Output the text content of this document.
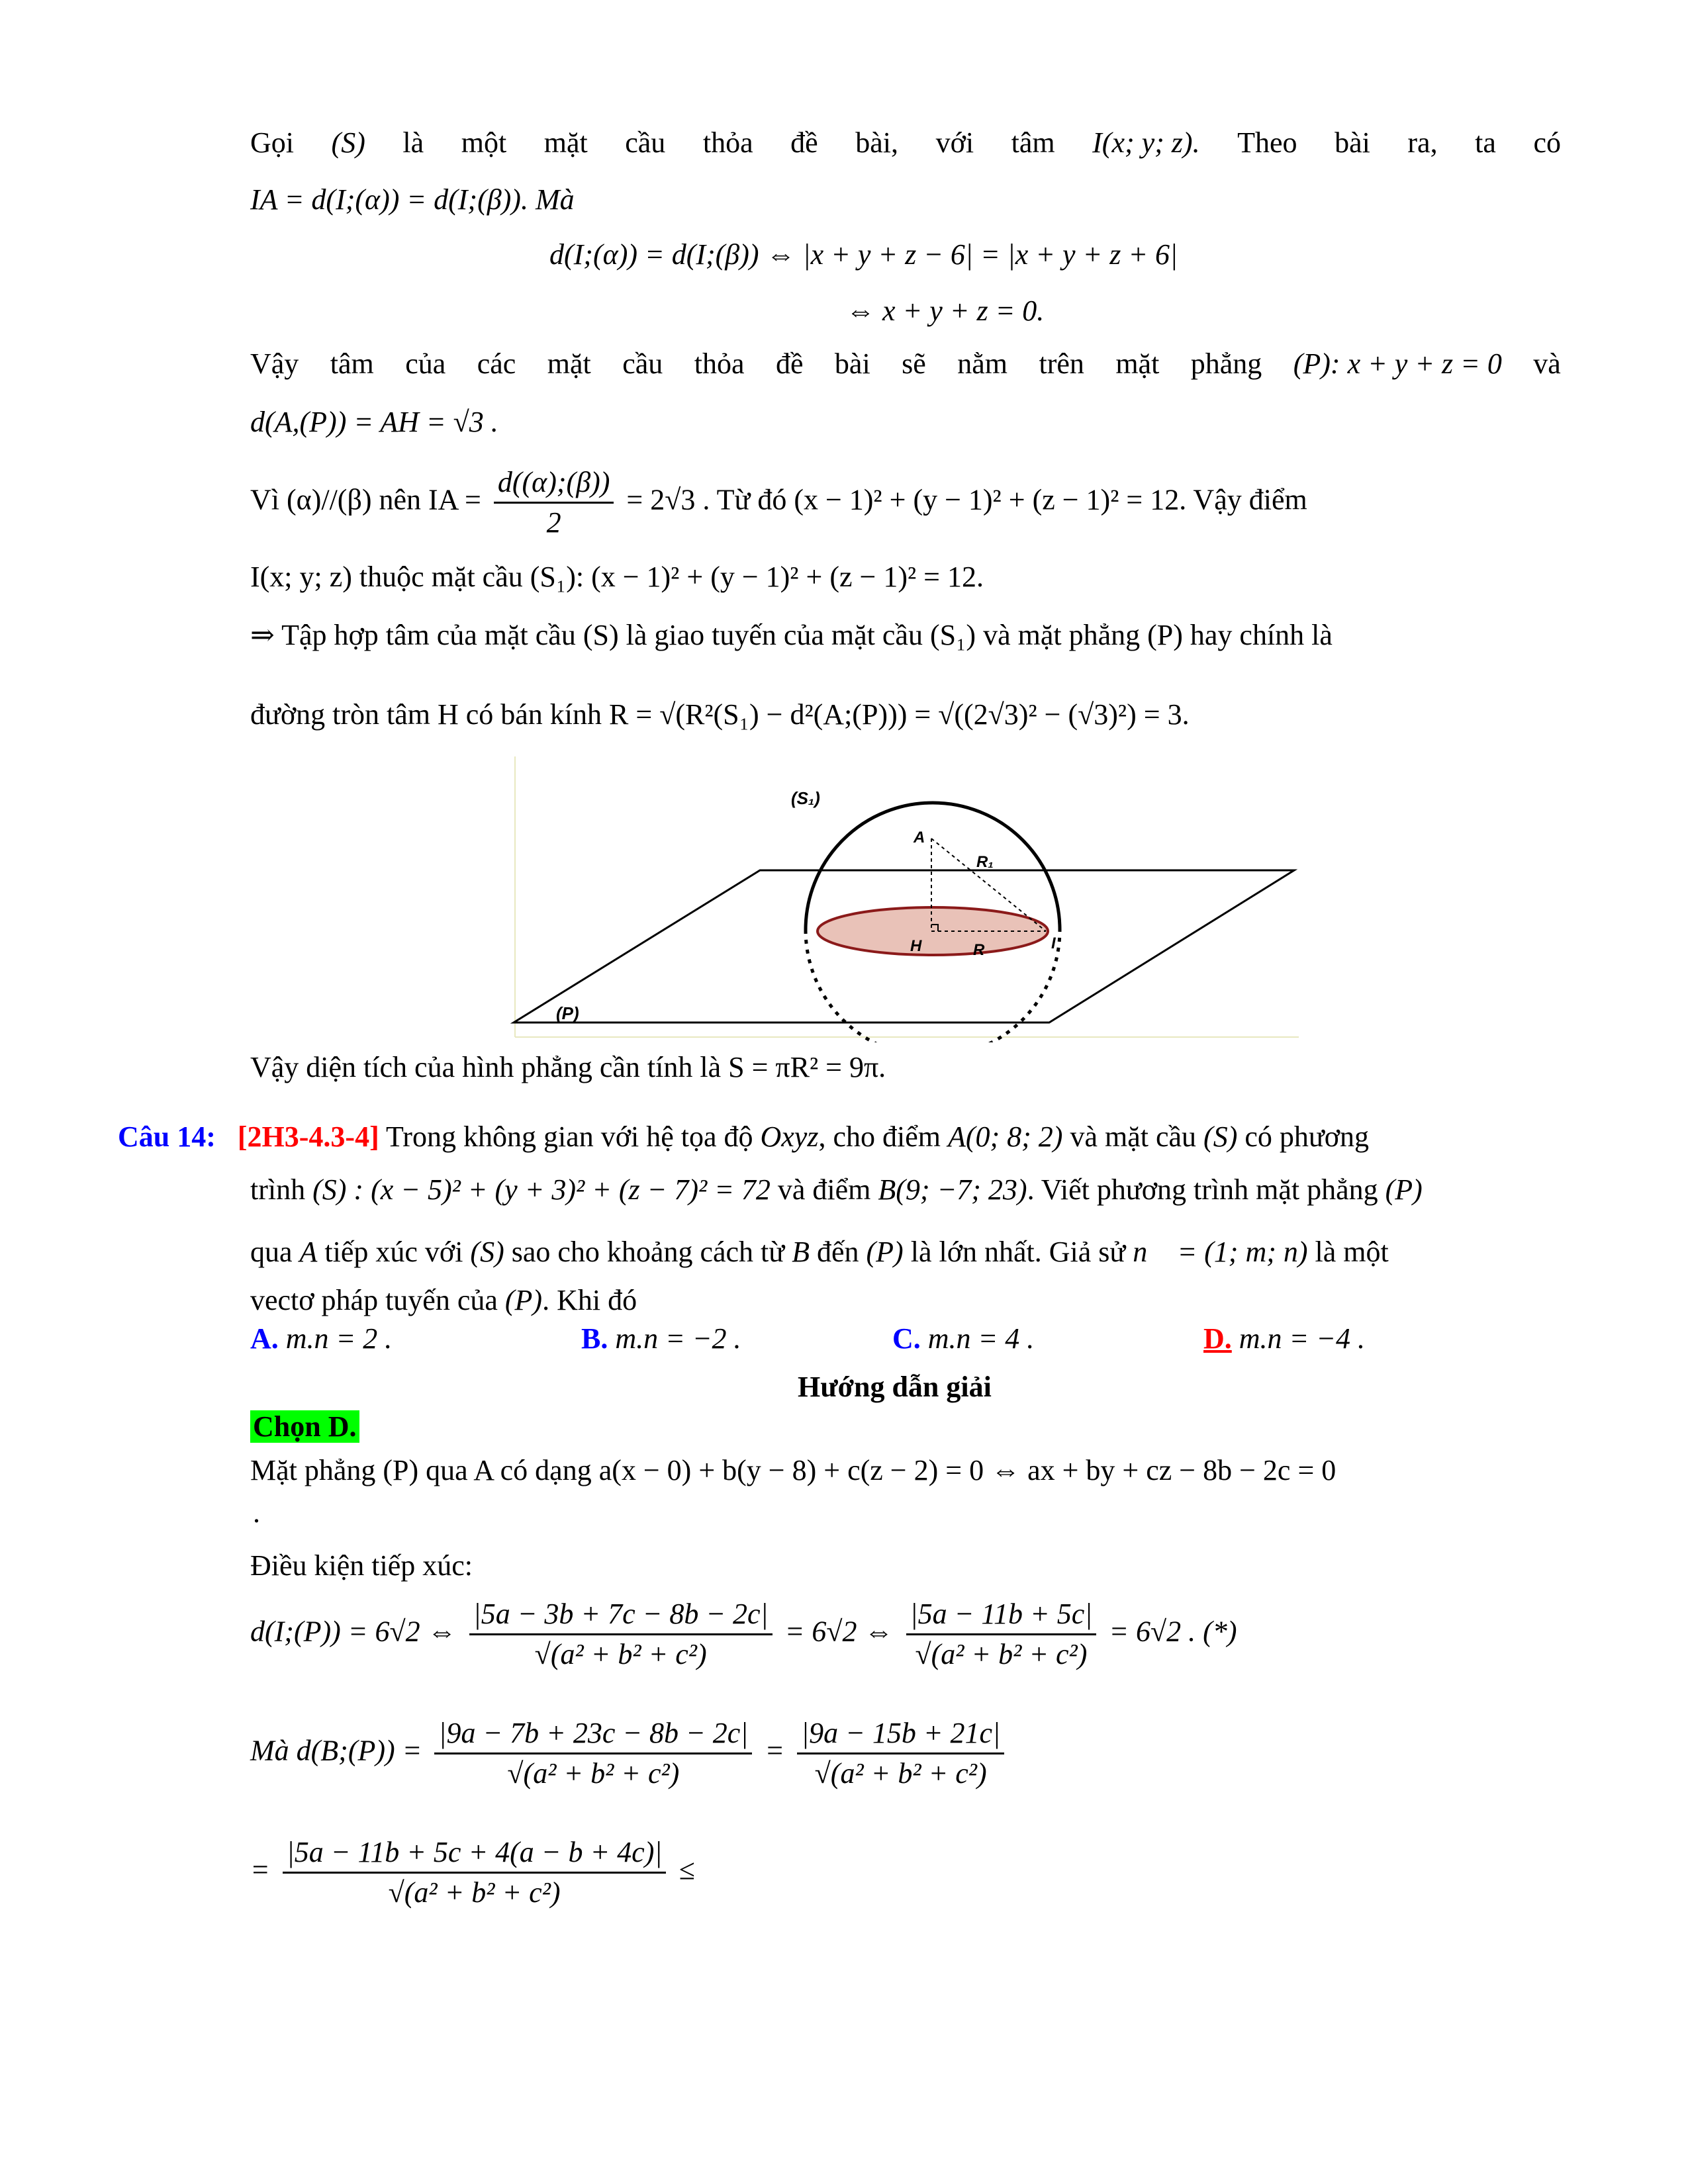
Gọi (S) là một mặt cầu thỏa đề bài, với tâm I(x; y; z). Theo bài ra, ta có
IA = d(I;(α)) = d(I;(β)). Mà
d(I;(α)) = d(I;(β)) ⇔ |x + y + z − 6| = |x + y + z + 6|
⇔ x + y + z = 0.
Vậy tâm của các mặt cầu thỏa đề bài sẽ nằm trên mặt phẳng (P): x + y + z = 0 và
d(A,(P)) = AH = √3 .
Vì (α)//(β) nên IA = $\frac{d((\alpha);(\beta))}{2} = 2√3$ . Từ đó (x − 1)² + (y − 1)² + (z − 1)² = 12. Vậy điểm
I(x; y; z) thuộc mặt cầu (S₁): (x − 1)² + (y − 1)² + (z − 1)² = 12.
⇒ Tập hợp tâm của mặt cầu (S) là giao tuyến của mặt cầu (S₁) và mặt phẳng (P) hay chính là
đường tròn tâm H có bán kính R = √(R²(S₁) − d²(A;(P))) = √((2√3)² − (√3)²) = 3.
(S₁)
(P)
A
R₁
H	R	I
Vậy diện tích của hình phẳng cần tính là S = πR² = 9π.
Câu 14: [2H3-4.3-4] Trong không gian với hệ tọa độ Oxyz, cho điểm A(0; 8; 2) và mặt cầu (S) có phương
trình (S) : (x − 5)² + (y + 3)² + (z − 7)² = 72 và điểm B(9; −7; 23). Viết phương trình mặt phẳng (P)
qua A tiếp xúc với (S) sao cho khoảng cách từ B đến (P) là lớn nhất. Giả sử n⃗ = (1; m; n) là một
vectơ pháp tuyến của (P). Khi đó
A. m.n = 2 .	B. m.n = −2 .	C. m.n = 4 .	D. m.n = −4 .
Hướng dẫn giải
Chọn D.
Mặt phẳng (P) qua A có dạng a(x − 0) + b(y − 8) + c(z − 2) = 0 ⇔ ax + by + cz − 8b − 2c = 0
.
Điều kiện tiếp xúc:
d(I;(P)) = 6√2 ⇔ $\frac{|5a - 3b + 7c - 8b - 2c|}{\text{√(a² + b² + c²)}} = 6√2$ ⇔ $\frac{|5a - 11b + 5c|}{\text{√(a² + b² + c²)}} = 6√2$ . (*)
Mà d(B;(P)) = $\frac{|9a - 7b + 23c - 8b - 2c|}{\text{√(a² + b² + c²)}} = \frac{|9a - 15b + 21c|}{\text{√(a² + b² + c²)}}$
= $\frac{|5a - 11b + 5c + 4(a - b + 4c)|}{\text{√(a² + b² + c²)}}$ ≤
